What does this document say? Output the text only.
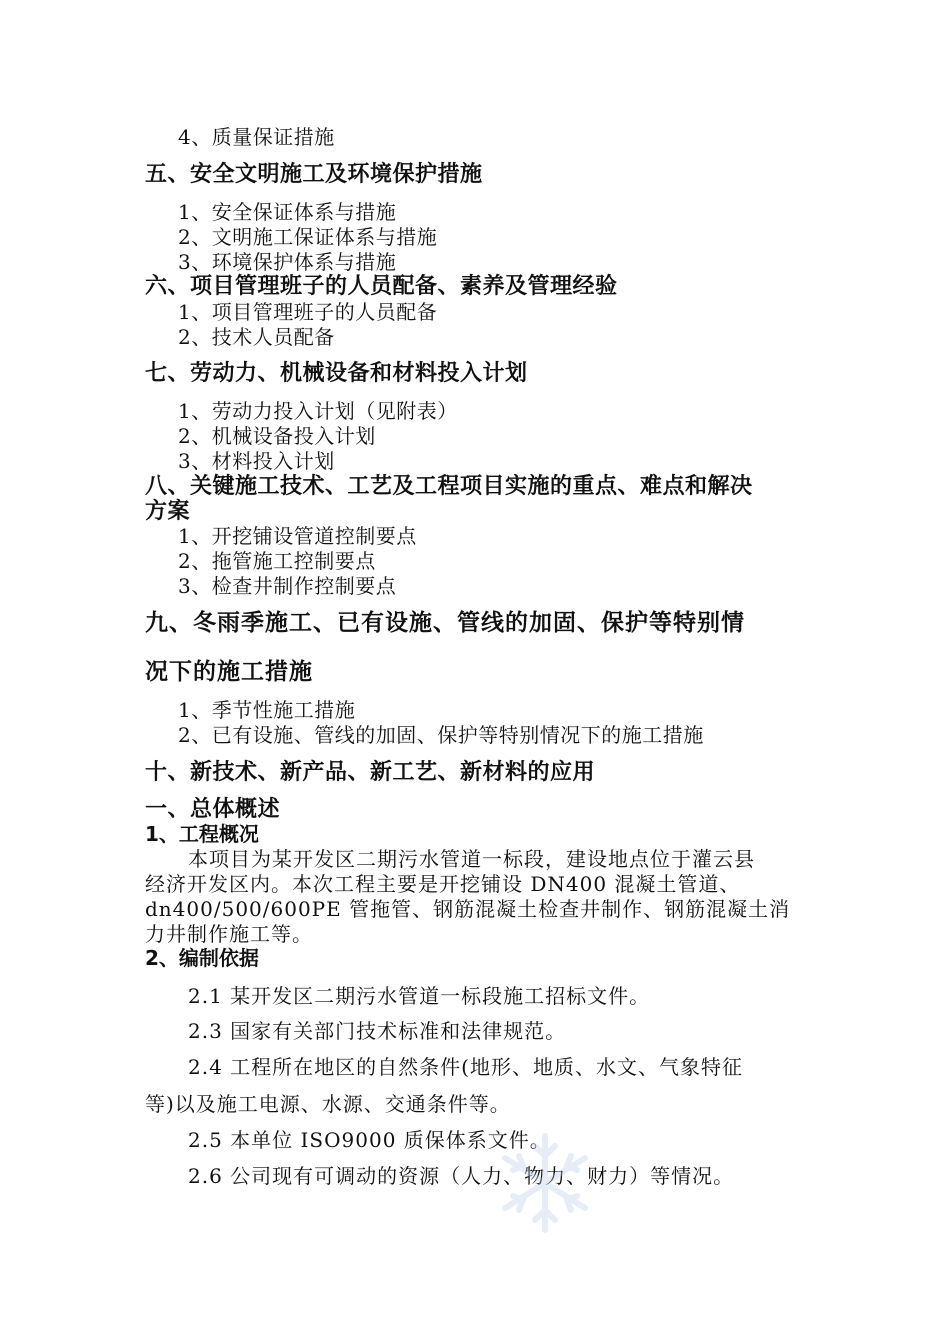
4、质量保证措施
五、安全文明施工及环境保护措施
1、安全保证体系与措施
2、文明施工保证体系与措施
3、环境保护体系与措施
六、项目管理班子的人员配备、素养及管理经验
1、项目管理班子的人员配备
2、技术人员配备
七、劳动力、机械设备和材料投入计划
1、劳动力投入计划（见附表）
2、机械设备投入计划
3、材料投入计划
八、关键施工技术、工艺及工程项目实施的重点、难点和解决
方案
1、开挖铺设管道控制要点
2、拖管施工控制要点
3、检查井制作控制要点
九、冬雨季施工、已有设施、管线的加固、保护等特别情
况下的施工措施
1、季节性施工措施
2、已有设施、管线的加固、保护等特别情况下的施工措施
十、新技术、新产品、新工艺、新材料的应用
一、总体概述
1、工程概况
本项目为某开发区二期污水管道一标段，建设地点位于灌云县
经济开发区内。本次工程主要是开挖铺设 DN400 混凝土管道、
dn400/500/600PE 管拖管、钢筋混凝土检查井制作、钢筋混凝土消
力井制作施工等。
2、编制依据
2.1 某开发区二期污水管道一标段施工招标文件。
2.3 国家有关部门技术标准和法律规范。
2.4 工程所在地区的自然条件(地形、地质、水文、气象特征
等)以及施工电源、水源、交通条件等。
2.5 本单位 ISO9000 质保体系文件。
2.6 公司现有可调动的资源（人力、物力、财力）等情况。
